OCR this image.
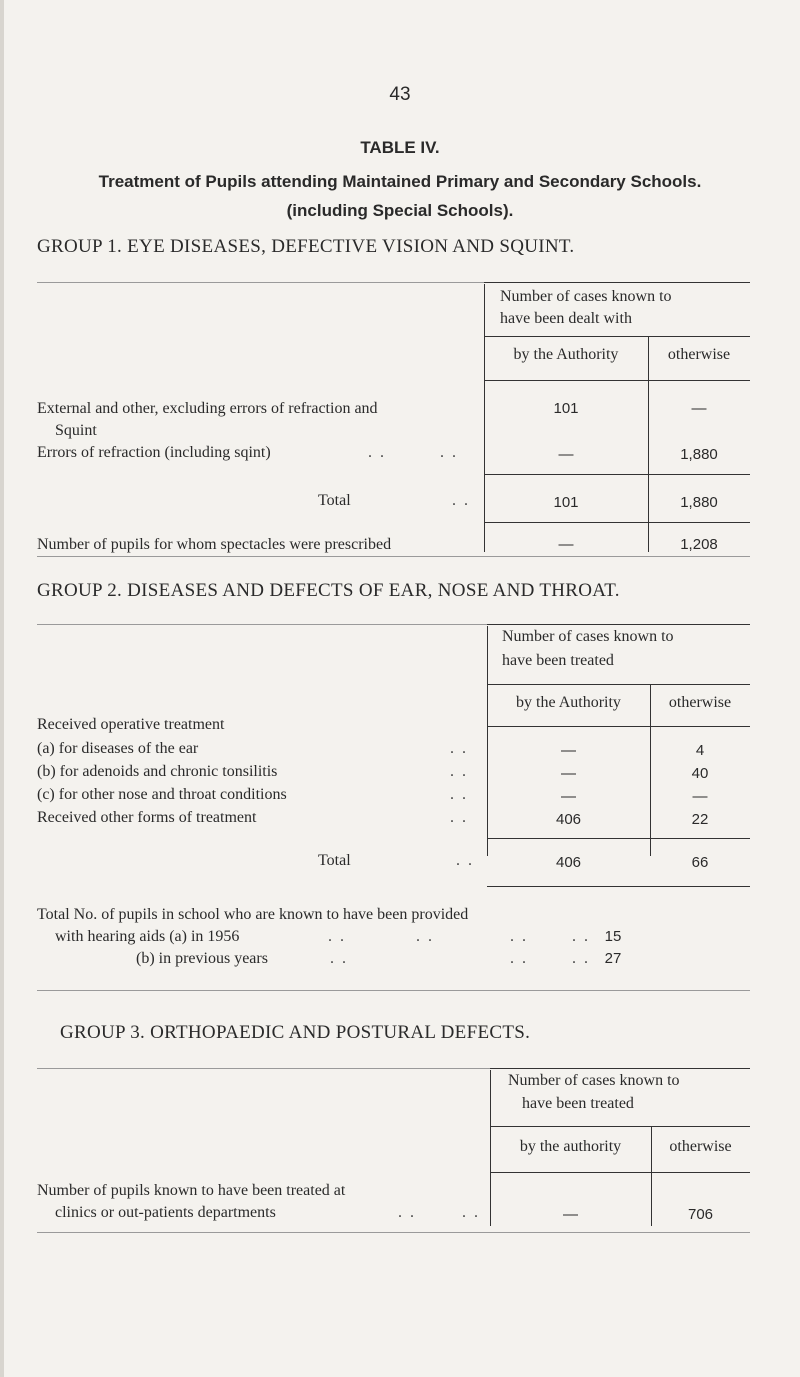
43
TABLE IV.
Treatment of Pupils attending Maintained Primary and Secondary Schools.
(including Special Schools).
GROUP 1. EYE DISEASES, DEFECTIVE VISION AND SQUINT.
Number of cases known to
have been dealt with
by the Authority	otherwise
External and other, excluding errors of refraction and
Squint
101	—
Errors of refraction (including sqint)	. .	. .	—	1,880
Total	. .	101	1,880
Number of pupils for whom spectacles were prescribed	—	1,208
GROUP 2. DISEASES AND DEFECTS OF EAR, NOSE AND THROAT.
Number of cases known to
have been treated
by the Authority	otherwise
Received operative treatment
(a) for diseases of the ear	. .	—	4
(b) for adenoids and chronic tonsilitis	. .	—	40
(c) for other nose and throat conditions	. .	—	—
Received other forms of treatment	. .	406	22
Total	. .	406	66
Total No. of pupils in school who are known to have been provided
with hearing aids (a) in 1956	. .	. .	. .	. . 15
(b) in previous years	. .	. .	. . 27
GROUP 3. ORTHOPAEDIC AND POSTURAL DEFECTS.
Number of cases known to
have been treated
by the authority	otherwise
Number of pupils known to have been treated at
clinics or out-patients departments	. .	. .	—	706
